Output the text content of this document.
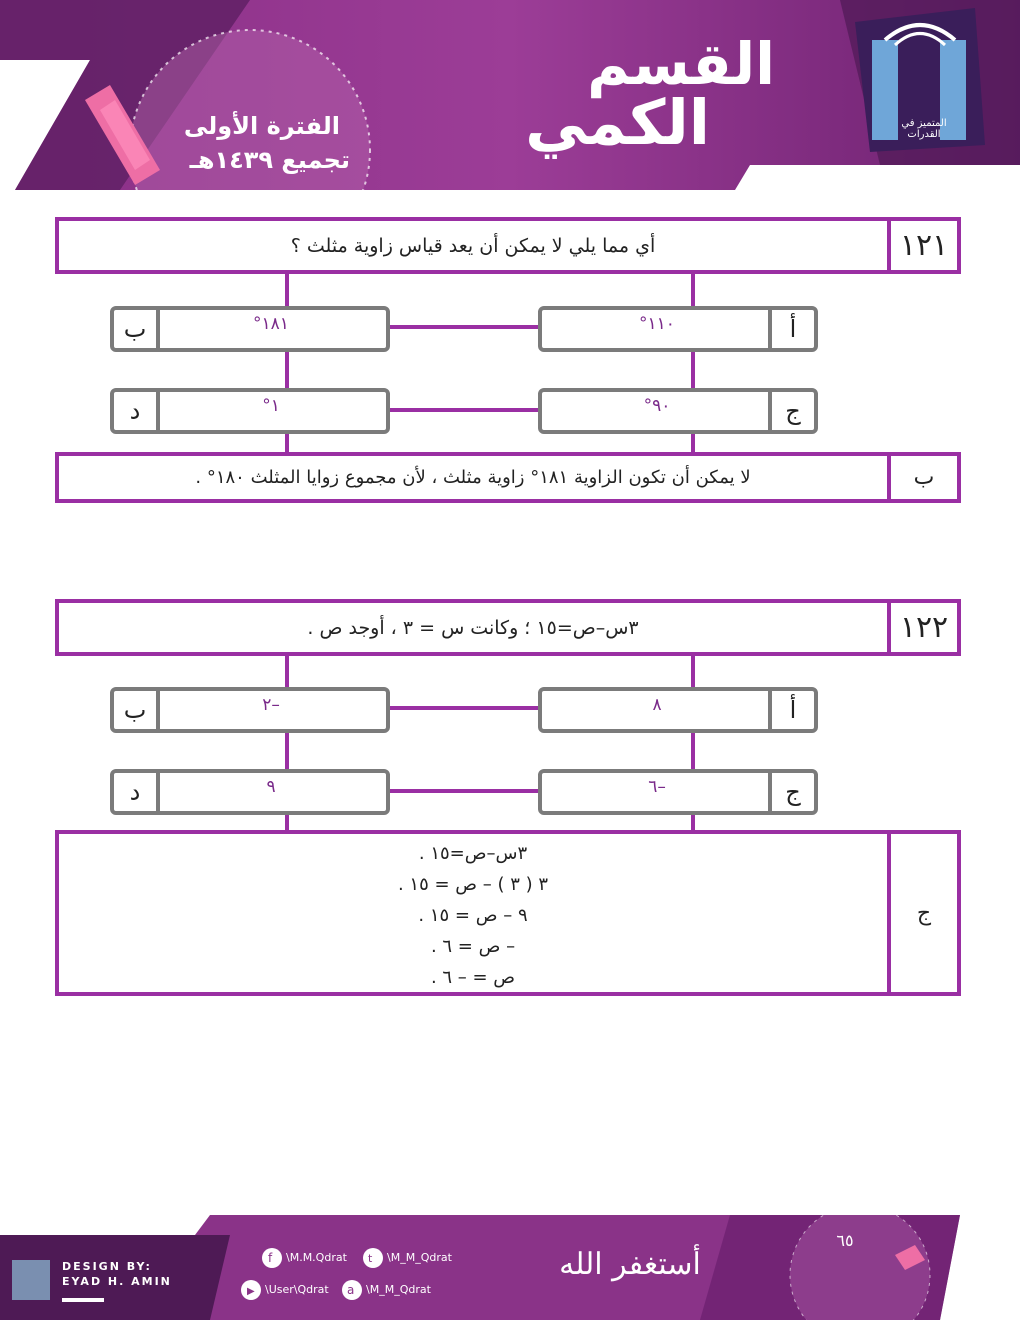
القسم
الكمي
الفترة الأولى
تجميع ١٤٣٩هـ
المتميز في القدرات
أي مما يلي لا يمكن أن يعد قياس زاوية مثلث ؟	١٢١
١١٠°	أ
ب	١٨١°
٩٠°	ج
د	١°
لا يمكن أن تكون الزاوية ١٨١° زاوية مثلث ، لأن مجموع زوايا المثلث ١٨٠° .	ب
٣س–ص=١٥ ؛ وكانت س = ٣ ، أوجد ص .	١٢٢
٨	أ
ب	–٢
–٦	ج
د	٩
٣س–ص=١٥ .
٣ ( ٣ ) – ص = ١٥ .
٩ – ص = ١٥ .
– ص = ٦ .
ص = – ٦ .
ج
f	t
▶	a
DESIGN BY:
EYAD H. AMIN
\M.M.Qdrat	\M_M_Qdrat
\User\Qdrat	\M_M_Qdrat
أستغفر الله
٦٥
